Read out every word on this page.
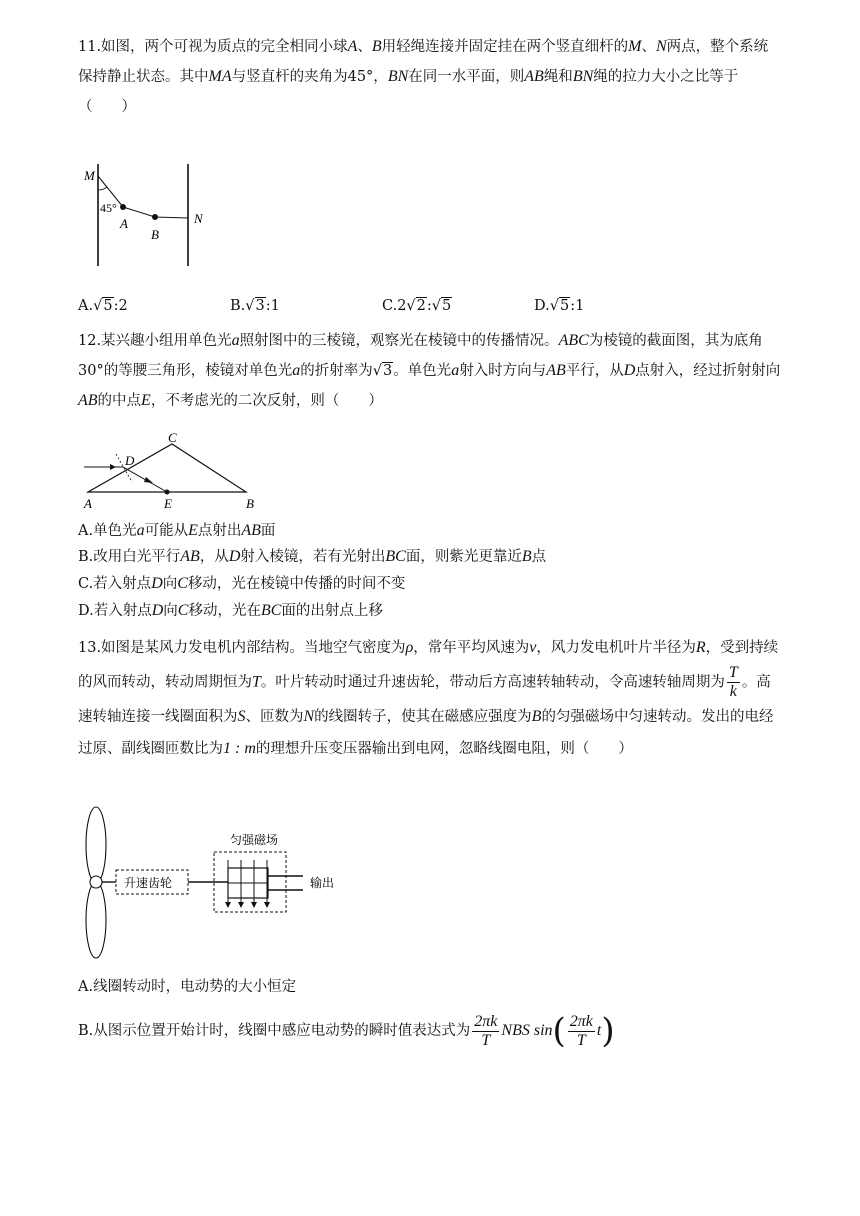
11.如图，两个可视为质点的完全相同小球A、B用轻绳连接并固定挂在两个竖直细杆的M、N两点，整个系统保持静止状态。其中MA与竖直杆的夹角为45°，BN在同一水平面，则AB绳和BN绳的拉力大小之比等于（　　）
M
45°
A
B
N
A.√5:2	B.√3:1	C.2√2:√5	D.√5:1
12.某兴趣小组用单色光a照射图中的三棱镜，观察光在棱镜中的传播情况。ABC为棱镜的截面图，其为底角30°的等腰三角形，棱镜对单色光a的折射率为√3。单色光a射入时方向与AB平行，从D点射入，经过折射射向AB的中点E，不考虑光的二次反射，则（　　）
C
D
A	E	B
A.单色光a可能从E点射出AB面
B.改用白光平行AB，从D射入棱镜，若有光射出BC面，则紫光更靠近B点
C.若入射点D向C移动，光在棱镜中传播的时间不变
D.若入射点D向C移动，光在BC面的出射点上移
13.如图是某风力发电机内部结构。当地空气密度为ρ，常年平均风速为v，风力发电机叶片半径为R，受到持续的风而转动，转动周期恒为T。叶片转动时通过升速齿轮，带动后方高速转轴转动，令高速转轴周期为 $\frac{T}{k}$ 。高速转轴连接一线圈面积为S、匝数为N的线圈转子，使其在磁感应强度为B的匀强磁场中匀速转动。发出的电经过原、副线圈匝数比为1 : m的理想升压变压器输出到电网，忽略线圈电阻，则（　　）
升速齿轮
匀强磁场
输出
A.线圈转动时，电动势的大小恒定
B.从图示位置开始计时，线圈中感应电动势的瞬时值表达式为 $\frac{2\pi k}{T}$ NBS $\sin( \frac{2\pi k}{T} t)$
